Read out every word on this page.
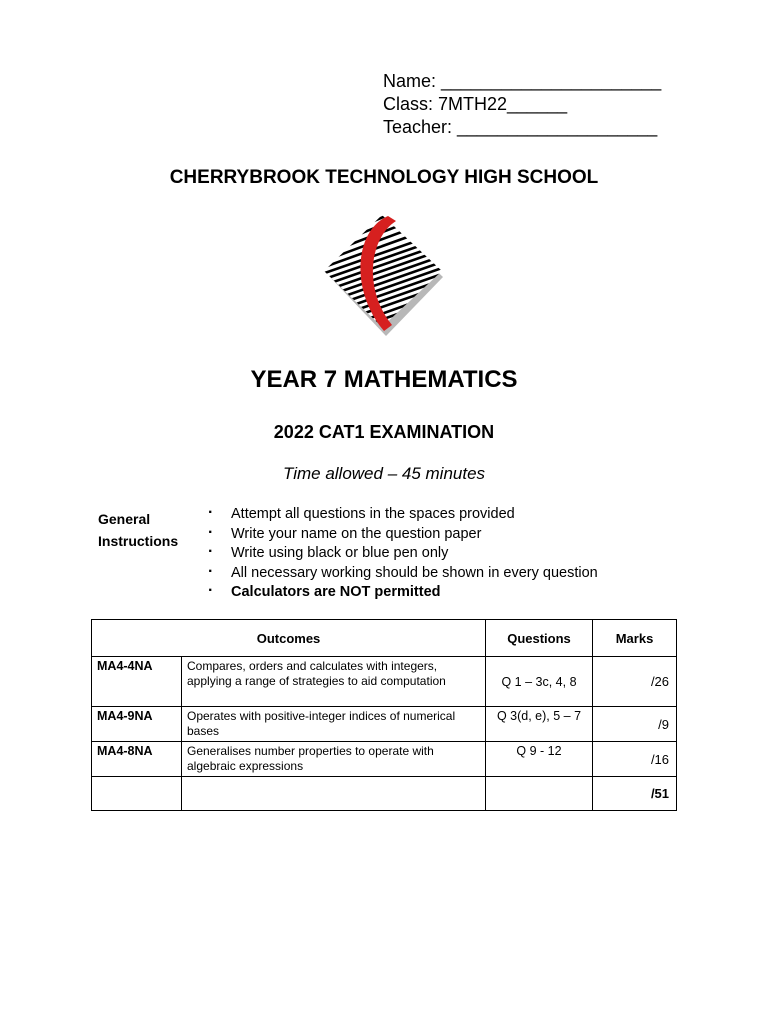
Name: ______________________
Class: 7MTH22______
Teacher: ____________________
CHERRYBROOK TECHNOLOGY HIGH SCHOOL
YEAR 7 MATHEMATICS
2022 CAT1 EXAMINATION
Time allowed – 45 minutes
General
Instructions
· Attempt all questions in the spaces provided
· Write your name on the question paper
· Write using black or blue pen only
· All necessary working should be shown in every question
· Calculators are NOT permitted
Outcomes		Questions	Marks
MA4-4NA	Compares, orders and calculates with integers, applying a range of strategies to aid computation	Q 1 – 3c, 4, 8	/26
MA4-9NA	Operates with positive-integer indices of numerical bases	Q 3(d, e), 5 – 7	/9
MA4-8NA	Generalises number properties to operate with algebraic expressions	Q 9 - 12	/16
			/51
